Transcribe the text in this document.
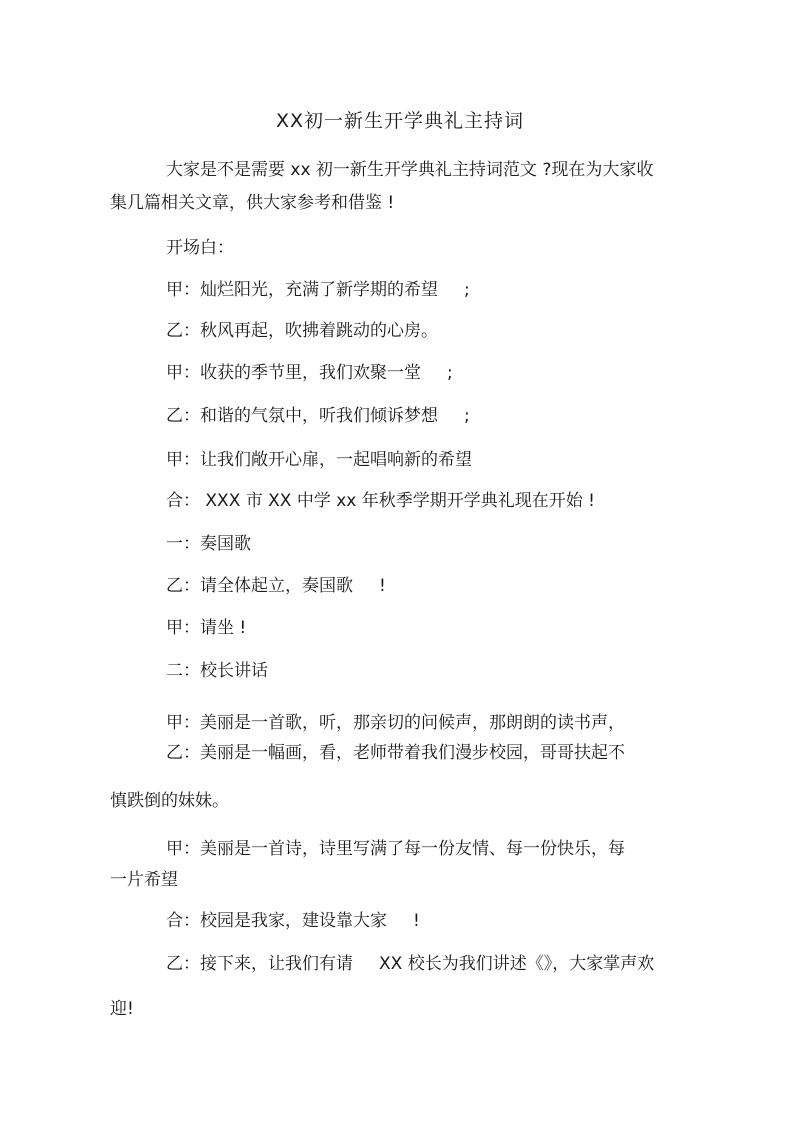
XX初一新生开学典礼主持词

大家是不是需要 xx 初一新生开学典礼主持词范文 ?现在为大家收

集几篇相关文章，供大家参考和借鉴 !

开场白：

甲：灿烂阳光，充满了新学期的希望 ;

乙：秋风再起，吹拂着跳动的心房。

甲：收获的季节里，我们欢聚一堂 ;

乙：和谐的气氛中，听我们倾诉梦想 ;

甲：让我们敞开心扉，一起唱响新的希望

合： XXX 市 XX 中学 xx 年秋季学期开学典礼现在开始 !

一：奏国歌

乙：请全体起立，奏国歌 !

甲：请坐 !

二：校长讲话

甲：美丽是一首歌，听，那亲切的问候声，那朗朗的读书声，

乙：美丽是一幅画，看，老师带着我们漫步校园，哥哥扶起不

慎跌倒的妹妹。

甲：美丽是一首诗，诗里写满了每一份友情、每一份快乐，每

一片希望

合：校园是我家，建设靠大家 !

乙：接下来，让我们有请 XX 校长为我们讲述《》，大家掌声欢

迎!
